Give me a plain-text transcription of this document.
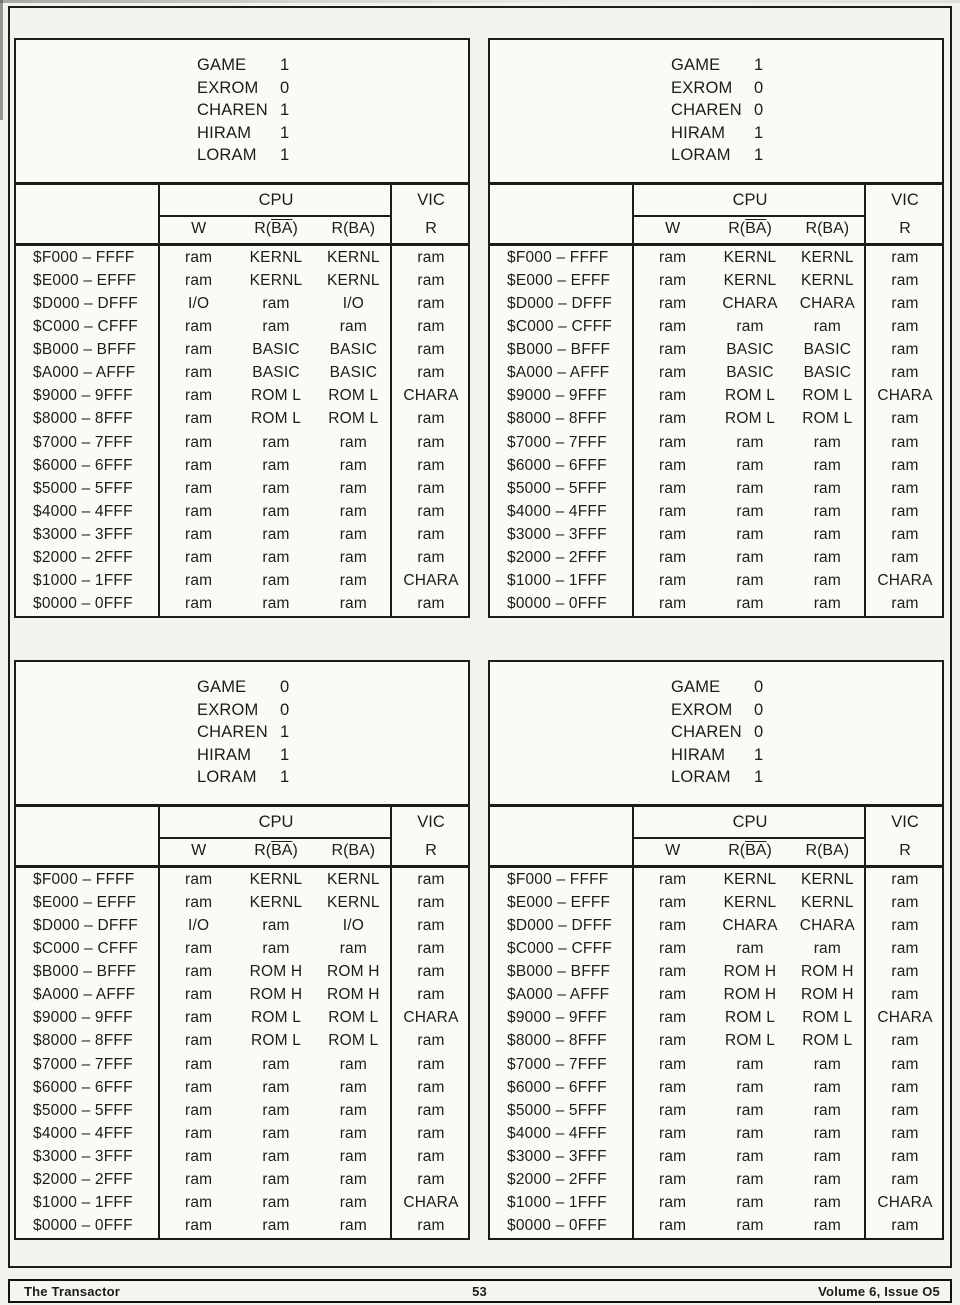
GAME	1
EXROM	0
CHAREN 1
HIRAM	1
LORAM	1
CPU	VIC
W	$R(\overline{BA})$	R(BA)	R
$F000 – FFFF	ram	KERNL	KERNL	ram
$E000 – EFFF	ram	KERNL	KERNL	ram
$D000 – DFFF	I/O	ram	I/O	ram
$C000 – CFFF	ram	ram	ram	ram
$B000 – BFFF	ram	BASIC	BASIC	ram
$A000 – AFFF	ram	BASIC	BASIC	ram
$9000 – 9FFF	ram	ROM L	ROM L	CHARA
$8000 – 8FFF	ram	ROM L	ROM L	ram
$7000 – 7FFF	ram	ram	ram	ram
$6000 – 6FFF	ram	ram	ram	ram
$5000 – 5FFF	ram	ram	ram	ram
$4000 – 4FFF	ram	ram	ram	ram
$3000 – 3FFF	ram	ram	ram	ram
$2000 – 2FFF	ram	ram	ram	ram
$1000 – 1FFF	ram	ram	ram	CHARA
$0000 – 0FFF	ram	ram	ram	ram
GAME	1
EXROM	0
CHAREN 0
HIRAM	1
LORAM	1
CPU	VIC
W	$R(\overline{BA})$	R(BA)	R
$F000 – FFFF	ram	KERNL	KERNL	ram
$E000 – EFFF	ram	KERNL	KERNL	ram
$D000 – DFFF	ram	CHARA	CHARA	ram
$C000 – CFFF	ram	ram	ram	ram
$B000 – BFFF	ram	BASIC	BASIC	ram
$A000 – AFFF	ram	BASIC	BASIC	ram
$9000 – 9FFF	ram	ROM L	ROM L	CHARA
$8000 – 8FFF	ram	ROM L	ROM L	ram
$7000 – 7FFF	ram	ram	ram	ram
$6000 – 6FFF	ram	ram	ram	ram
$5000 – 5FFF	ram	ram	ram	ram
$4000 – 4FFF	ram	ram	ram	ram
$3000 – 3FFF	ram	ram	ram	ram
$2000 – 2FFF	ram	ram	ram	ram
$1000 – 1FFF	ram	ram	ram	CHARA
$0000 – 0FFF	ram	ram	ram	ram
GAME	0
EXROM	0
CHAREN 1
HIRAM	1
LORAM	1
CPU	VIC
W	$R(\overline{BA})$	R(BA)	R
$F000 – FFFF	ram	KERNL	KERNL	ram
$E000 – EFFF	ram	KERNL	KERNL	ram
$D000 – DFFF	I/O	ram	I/O	ram
$C000 – CFFF	ram	ram	ram	ram
$B000 – BFFF	ram	ROM H	ROM H	ram
$A000 – AFFF	ram	ROM H	ROM H	ram
$9000 – 9FFF	ram	ROM L	ROM L	CHARA
$8000 – 8FFF	ram	ROM L	ROM L	ram
$7000 – 7FFF	ram	ram	ram	ram
$6000 – 6FFF	ram	ram	ram	ram
$5000 – 5FFF	ram	ram	ram	ram
$4000 – 4FFF	ram	ram	ram	ram
$3000 – 3FFF	ram	ram	ram	ram
$2000 – 2FFF	ram	ram	ram	ram
$1000 – 1FFF	ram	ram	ram	CHARA
$0000 – 0FFF	ram	ram	ram	ram
GAME	0
EXROM	0
CHAREN 0
HIRAM	1
LORAM	1
CPU	VIC
W	$R(\overline{BA})$	R(BA)	R
$F000 – FFFF	ram	KERNL	KERNL	ram
$E000 – EFFF	ram	KERNL	KERNL	ram
$D000 – DFFF	ram	CHARA	CHARA	ram
$C000 – CFFF	ram	ram	ram	ram
$B000 – BFFF	ram	ROM H	ROM H	ram
$A000 – AFFF	ram	ROM H	ROM H	ram
$9000 – 9FFF	ram	ROM L	ROM L	CHARA
$8000 – 8FFF	ram	ROM L	ROM L	ram
$7000 – 7FFF	ram	ram	ram	ram
$6000 – 6FFF	ram	ram	ram	ram
$5000 – 5FFF	ram	ram	ram	ram
$4000 – 4FFF	ram	ram	ram	ram
$3000 – 3FFF	ram	ram	ram	ram
$2000 – 2FFF	ram	ram	ram	ram
$1000 – 1FFF	ram	ram	ram	CHARA
$0000 – 0FFF	ram	ram	ram	ram
The Transactor	53	Volume 6, Issue O5
